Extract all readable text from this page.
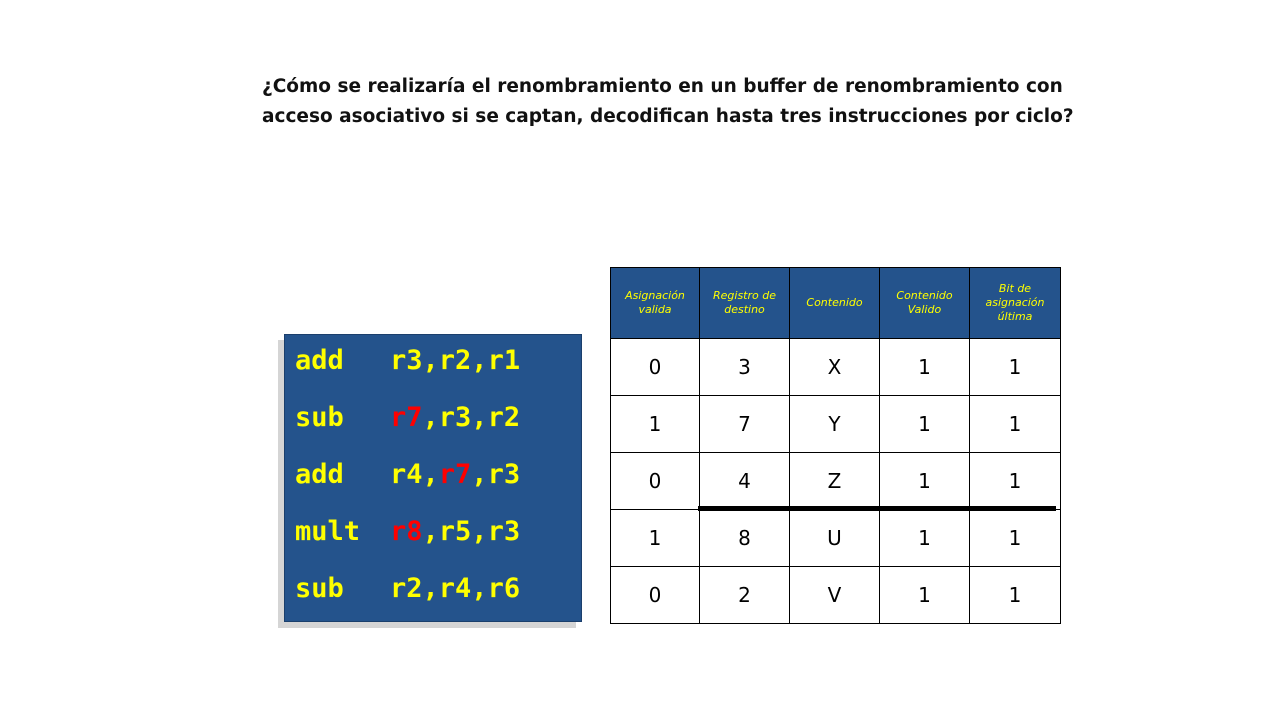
¿Cómo se realizaría el renombramiento en un buffer de renombramiento con
acceso asociativo si se captan, decodifican hasta tres instrucciones por ciclo?

add r3,r2,r1
sub r7,r3,r2
add r4,r7,r3
mult r8,r5,r3
sub r2,r4,r6
Asignación valida	Registro de destino	Contenido	Contenido Valido	Bit de asignación última
0	3	X	1	1
1	7	Y	1	1
0	4	Z	1	1
1	8	U	1	1
0	2	V	1	1
